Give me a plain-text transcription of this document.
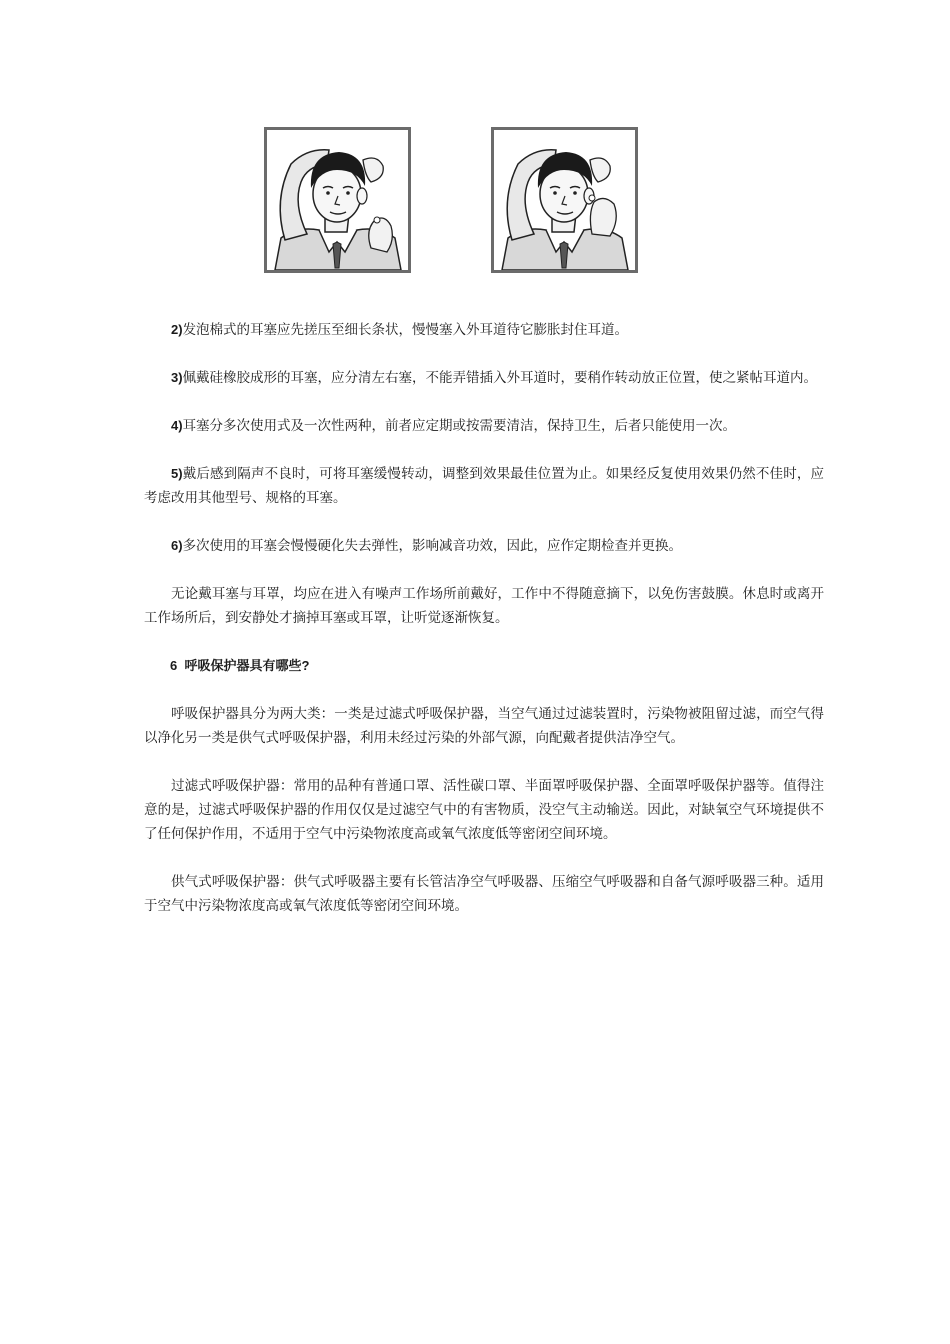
2)发泡棉式的耳塞应先搓压至细长条状，慢慢塞入外耳道待它膨胀封住耳道。

3)佩戴硅橡胶成形的耳塞，应分清左右塞，不能弄错插入外耳道时，要稍作转动放正位置，使之紧帖耳道内。

4)耳塞分多次使用式及一次性两种，前者应定期或按需要清洁，保持卫生，后者只能使用一次。

5)戴后感到隔声不良时，可将耳塞缓慢转动，调整到效果最佳位置为止。如果经反复使用效果仍然不佳时，应考虑改用其他型号、规格的耳塞。

6)多次使用的耳塞会慢慢硬化失去弹性，影响减音功效，因此，应作定期检查并更换。

无论戴耳塞与耳罩，均应在进入有噪声工作场所前戴好，工作中不得随意摘下，以免伤害鼓膜。休息时或离开工作场所后，到安静处才摘掉耳塞或耳罩，让听觉逐渐恢复。

6 呼吸保护器具有哪些?

呼吸保护器具分为两大类：一类是过滤式呼吸保护器，当空气通过过滤装置时，污染物被阻留过滤，而空气得以净化另一类是供气式呼吸保护器，利用未经过污染的外部气源，向配戴者提供洁净空气。

过滤式呼吸保护器：常用的品种有普通口罩、活性碳口罩、半面罩呼吸保护器、全面罩呼吸保护器等。值得注意的是，过滤式呼吸保护器的作用仅仅是过滤空气中的有害物质，没空气主动输送。因此，对缺氧空气环境提供不了任何保护作用，不适用于空气中污染物浓度高或氧气浓度低等密闭空间环境。

供气式呼吸保护器：供气式呼吸器主要有长管洁净空气呼吸器、压缩空气呼吸器和自备气源呼吸器三种。适用于空气中污染物浓度高或氧气浓度低等密闭空间环境。
